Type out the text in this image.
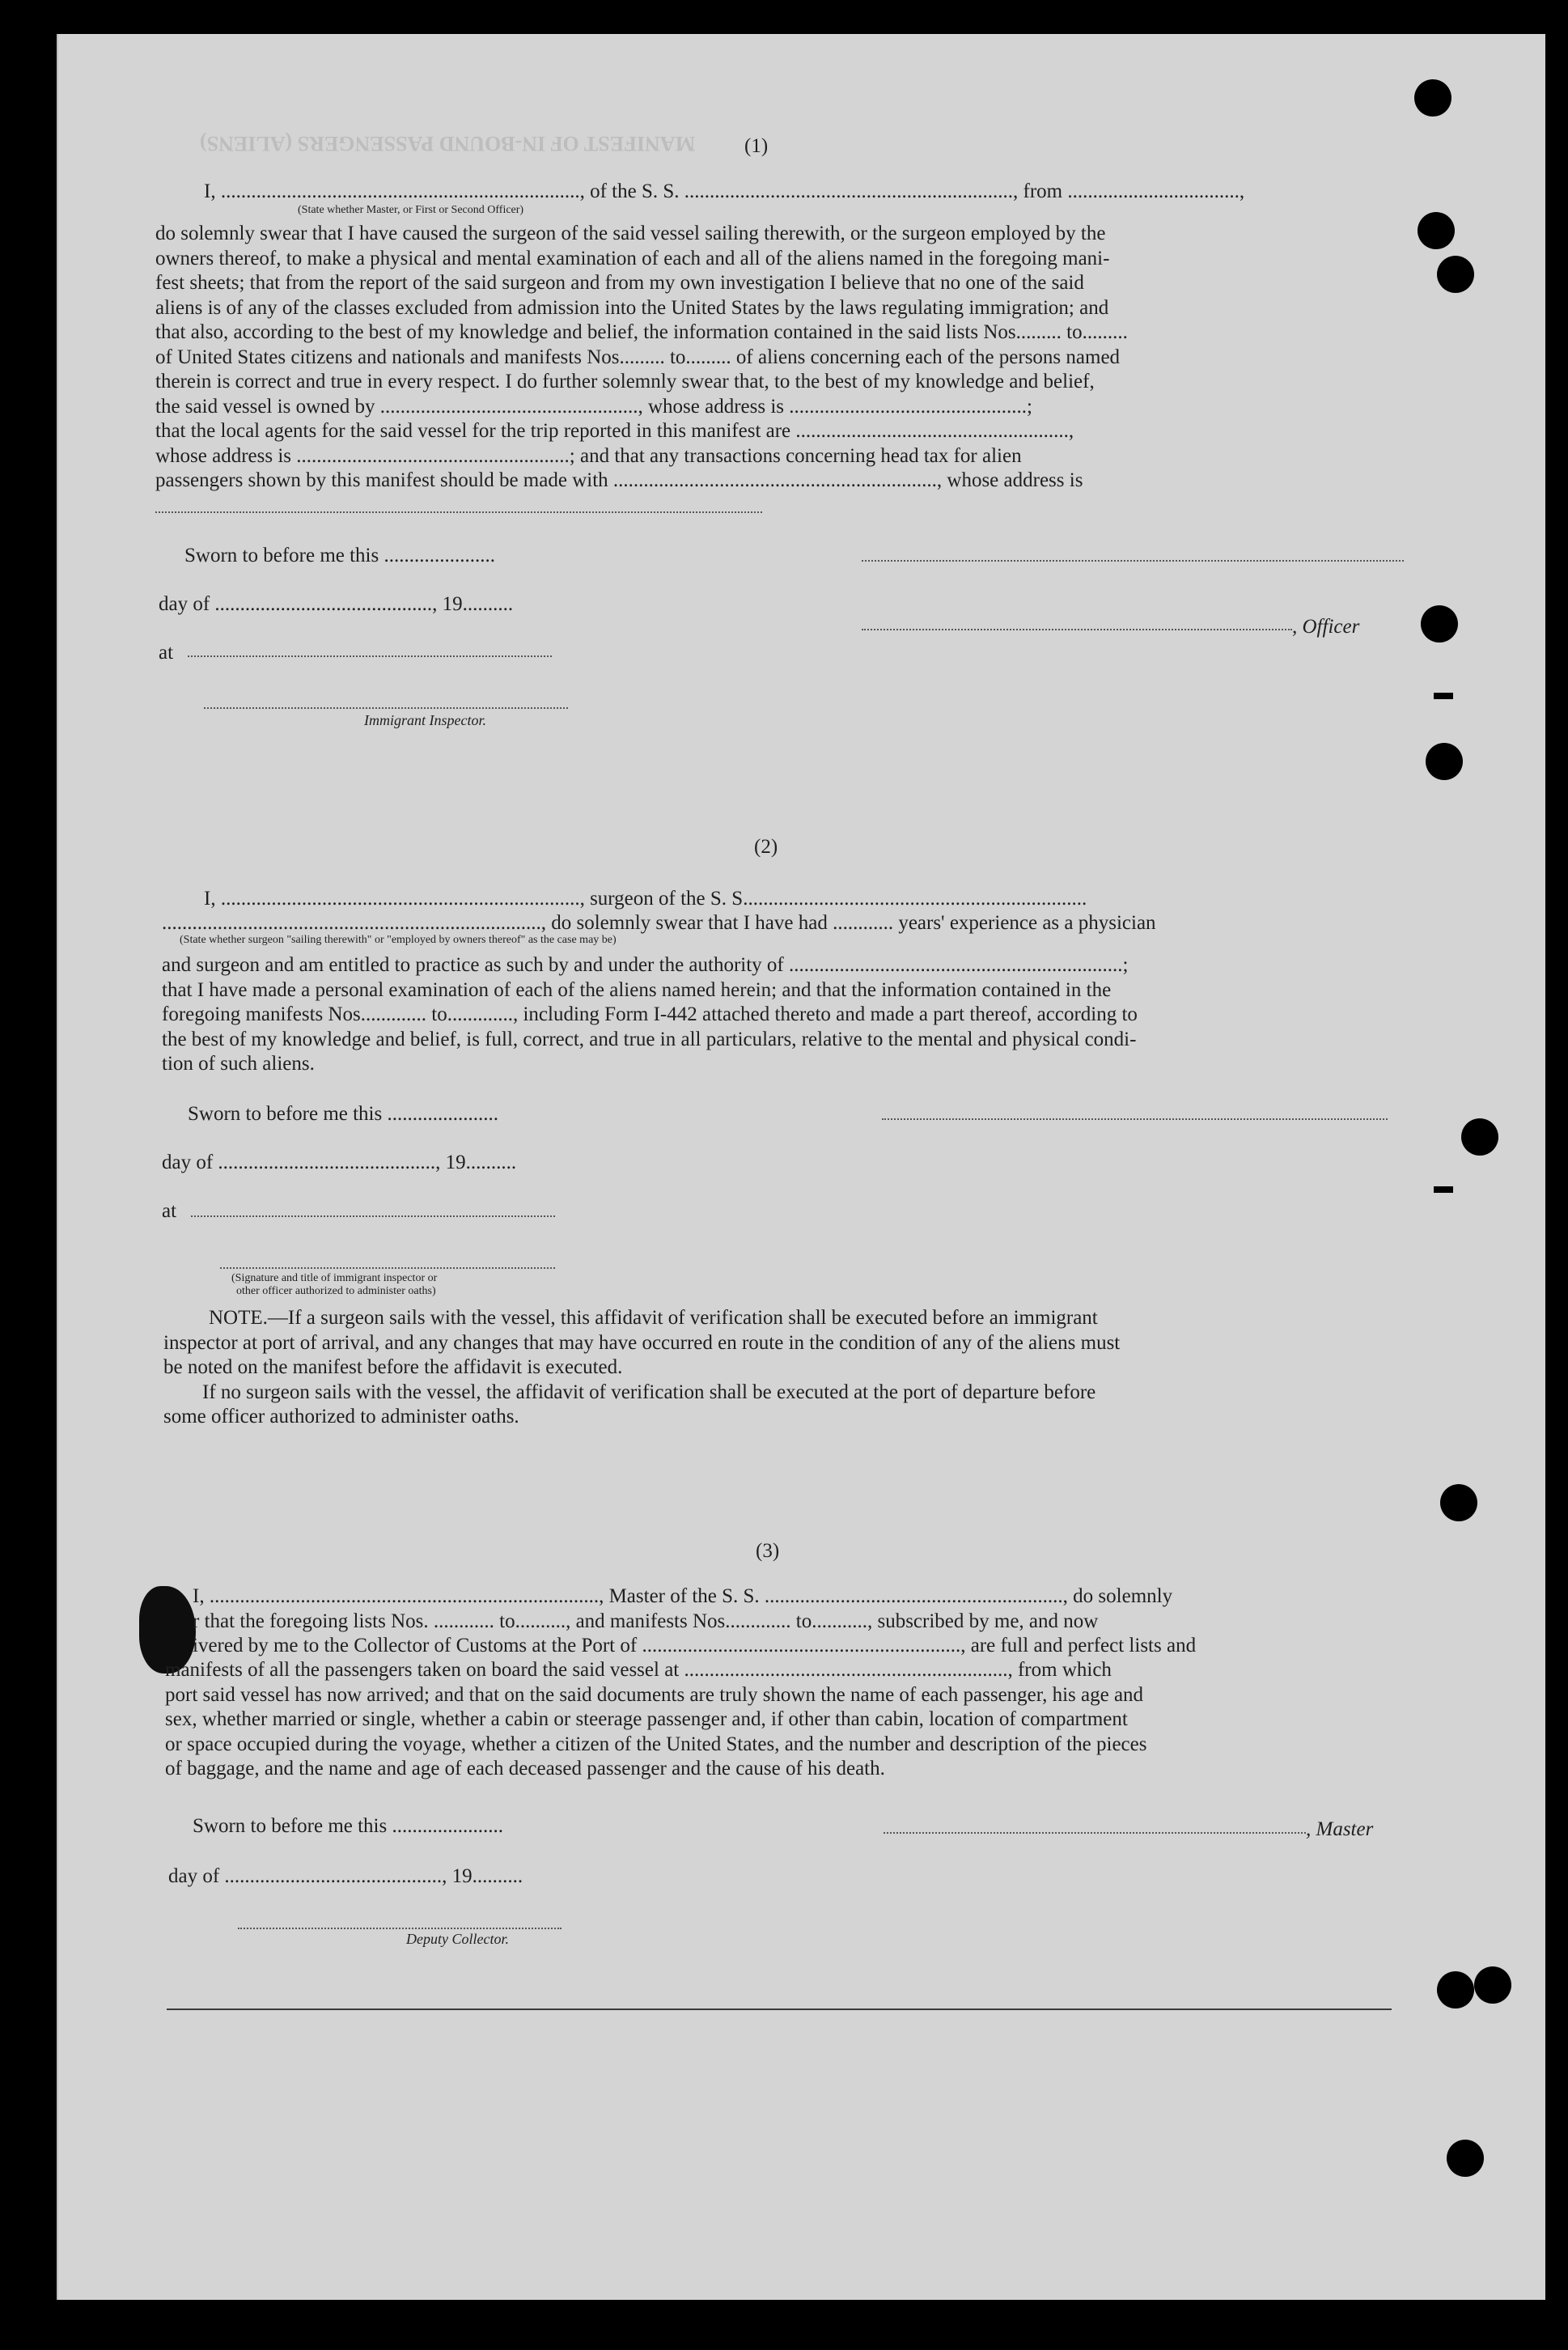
MANIFEST OF IN-BOUND PASSENGERS (ALIENS) (1)
I, ......................................................................., of the S. S. ................................................................., from ..................................,
(State whether Master, or First or Second Officer)
do solemnly swear that I have caused the surgeon of the said vessel sailing therewith, or the surgeon employed by the
owners thereof, to make a physical and mental examination of each and all of the aliens named in the foregoing mani-
fest sheets; that from the report of the said surgeon and from my own investigation I believe that no one of the said
aliens is of any of the classes excluded from admission into the United States by the laws regulating immigration; and
that also, according to the best of my knowledge and belief, the information contained in the said lists Nos......... to.........
of United States citizens and nationals and manifests Nos......... to......... of aliens concerning each of the persons named
therein is correct and true in every respect. I do further solemnly swear that, to the best of my knowledge and belief,
the said vessel is owned by ..................................................., whose address is ...............................................;
that the local agents for the said vessel for the trip reported in this manifest are ......................................................,
whose address is ......................................................; and that any transactions concerning head tax for alien
passengers shown by this manifest should be made with ................................................................, whose address is
Sworn to before me this ......................
day of ..........................................., 19..........
, Officer
at
Immigrant Inspector.
(2)
I, ......................................................................., surgeon of the S. S....................................................................
..........................................................................., do solemnly swear that I have had ............ years' experience as a physician
(State whether surgeon "sailing therewith" or "employed by owners thereof" as the case may be)
and surgeon and am entitled to practice as such by and under the authority of ..................................................................;
that I have made a personal examination of each of the aliens named herein; and that the information contained in the
foregoing manifests Nos............. to............., including Form I-442 attached thereto and made a part thereof, according to
the best of my knowledge and belief, is full, correct, and true in all particulars, relative to the mental and physical condi-
tion of such aliens.
Sworn to before me this ......................
day of ..........................................., 19..........
at
(Signature and title of immigrant inspector or
other officer authorized to administer oaths)
NOTE.—If a surgeon sails with the vessel, this affidavit of verification shall be executed before an immigrant
inspector at port of arrival, and any changes that may have occurred en route in the condition of any of the aliens must
be noted on the manifest before the affidavit is executed.
If no surgeon sails with the vessel, the affidavit of verification shall be executed at the port of departure before
some officer authorized to administer oaths.
(3)
I, ............................................................................., Master of the S. S. ..........................................................., do solemnly
r that the foregoing lists Nos. ............ to.........., and manifests Nos............. to..........., subscribed by me, and now
ivered by me to the Collector of Customs at the Port of ..............................................................., are full and perfect lists and
manifests of all the passengers taken on board the said vessel at ................................................................, from which
port said vessel has now arrived; and that on the said documents are truly shown the name of each passenger, his age and
sex, whether married or single, whether a cabin or steerage passenger and, if other than cabin, location of compartment
or space occupied during the voyage, whether a citizen of the United States, and the number and description of the pieces
of baggage, and the name and age of each deceased passenger and the cause of his death.
Sworn to before me this ......................	, Master
day of ..........................................., 19..........
Deputy Collector.
